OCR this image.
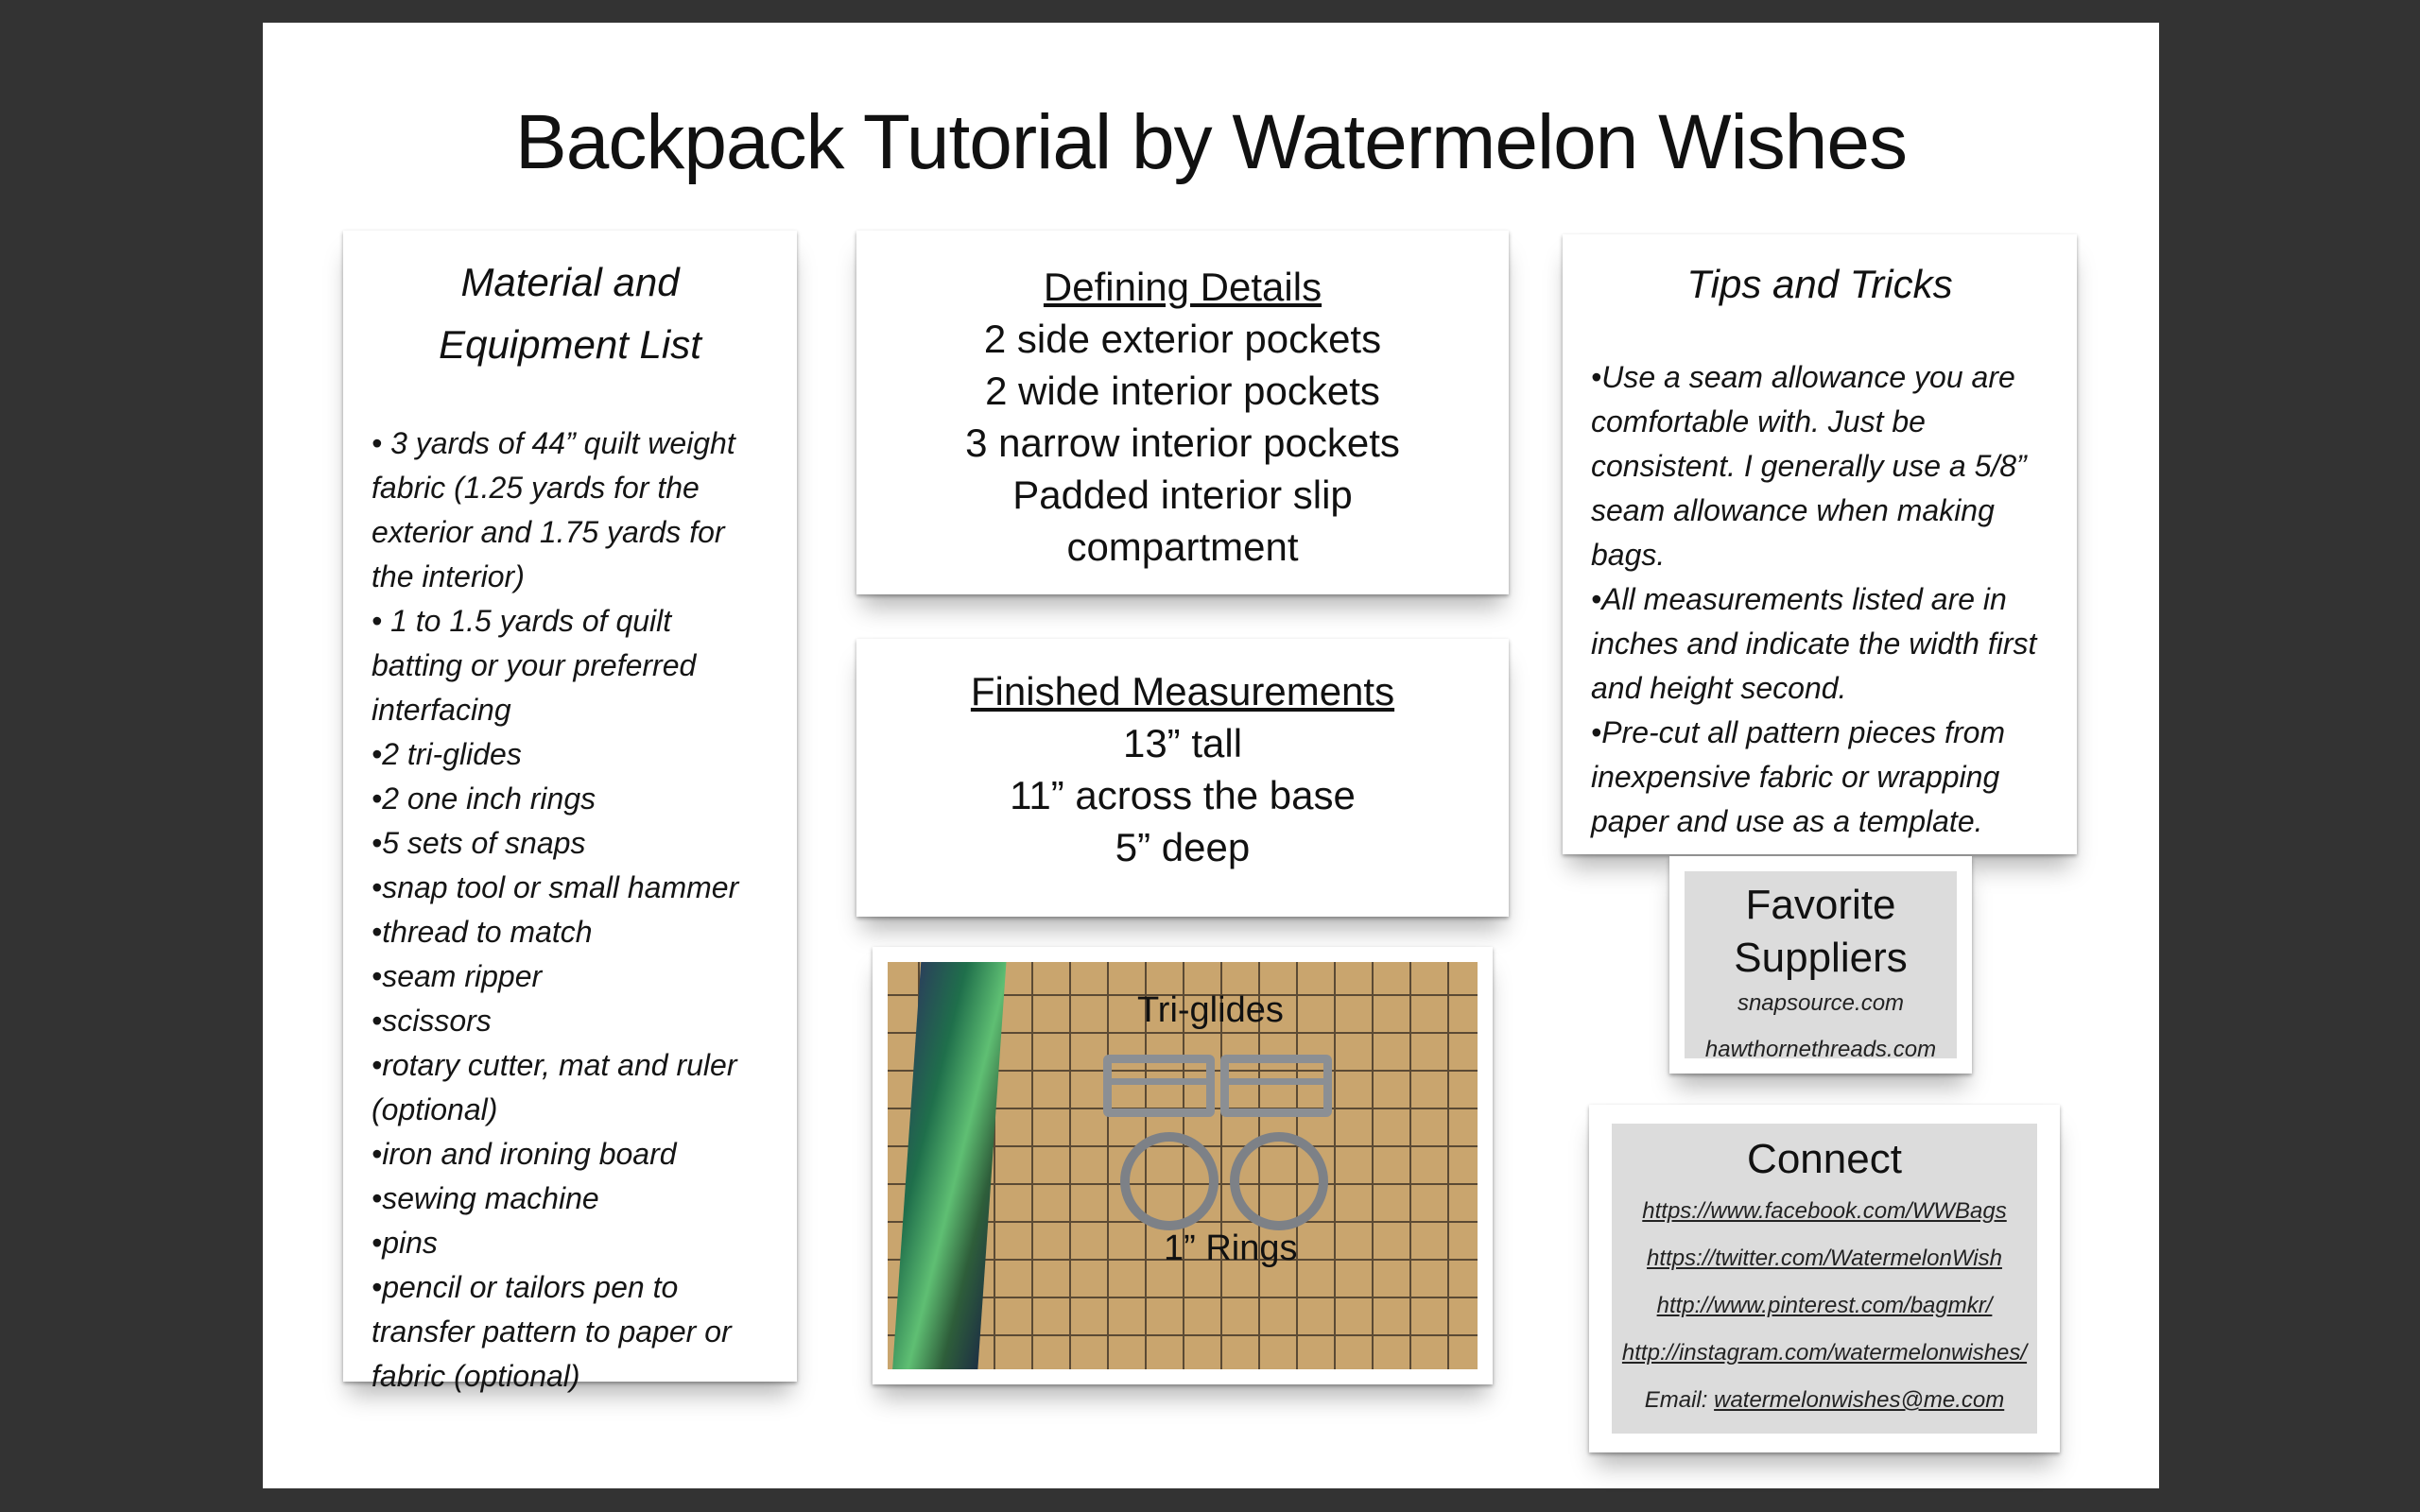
Backpack Tutorial by Watermelon Wishes

Material and

Equipment List

• 3 yards of 44” quilt weight fabric (1.25 yards for the exterior and 1.75 yards for the interior)
• 1 to 1.5 yards of quilt batting or your preferred interfacing
•2 tri-glides
•2 one inch rings
•5 sets of snaps
•snap tool or small hammer
•thread to match
•seam ripper
•scissors
•rotary cutter, mat and ruler (optional)
•iron and ironing board
•sewing machine
•pins
•pencil or tailors pen to transfer pattern to paper or fabric (optional)
Defining Details
2 side exterior pockets
2 wide interior pockets
3 narrow interior pockets
Padded interior slip
compartment
Finished Measurements
13” tall
11” across the base
5” deep
Tri-glides
1” Rings

Tips and Tricks

•Use a seam allowance you are comfortable with. Just be consistent. I generally use a 5/8” seam allowance when making bags.
•All measurements listed are in inches and indicate the width first and height second.
•Pre-cut all pattern pieces from inexpensive fabric or wrapping paper and use as a template.
Favorite
Suppliers
snapsource.com
hawthornethreads.com
Connect
https://www.facebook.com/WWBags
https://twitter.com/WatermelonWish
http://www.pinterest.com/bagmkr/
http://instagram.com/watermelonwishes/
Email: watermelonwishes@me.com
